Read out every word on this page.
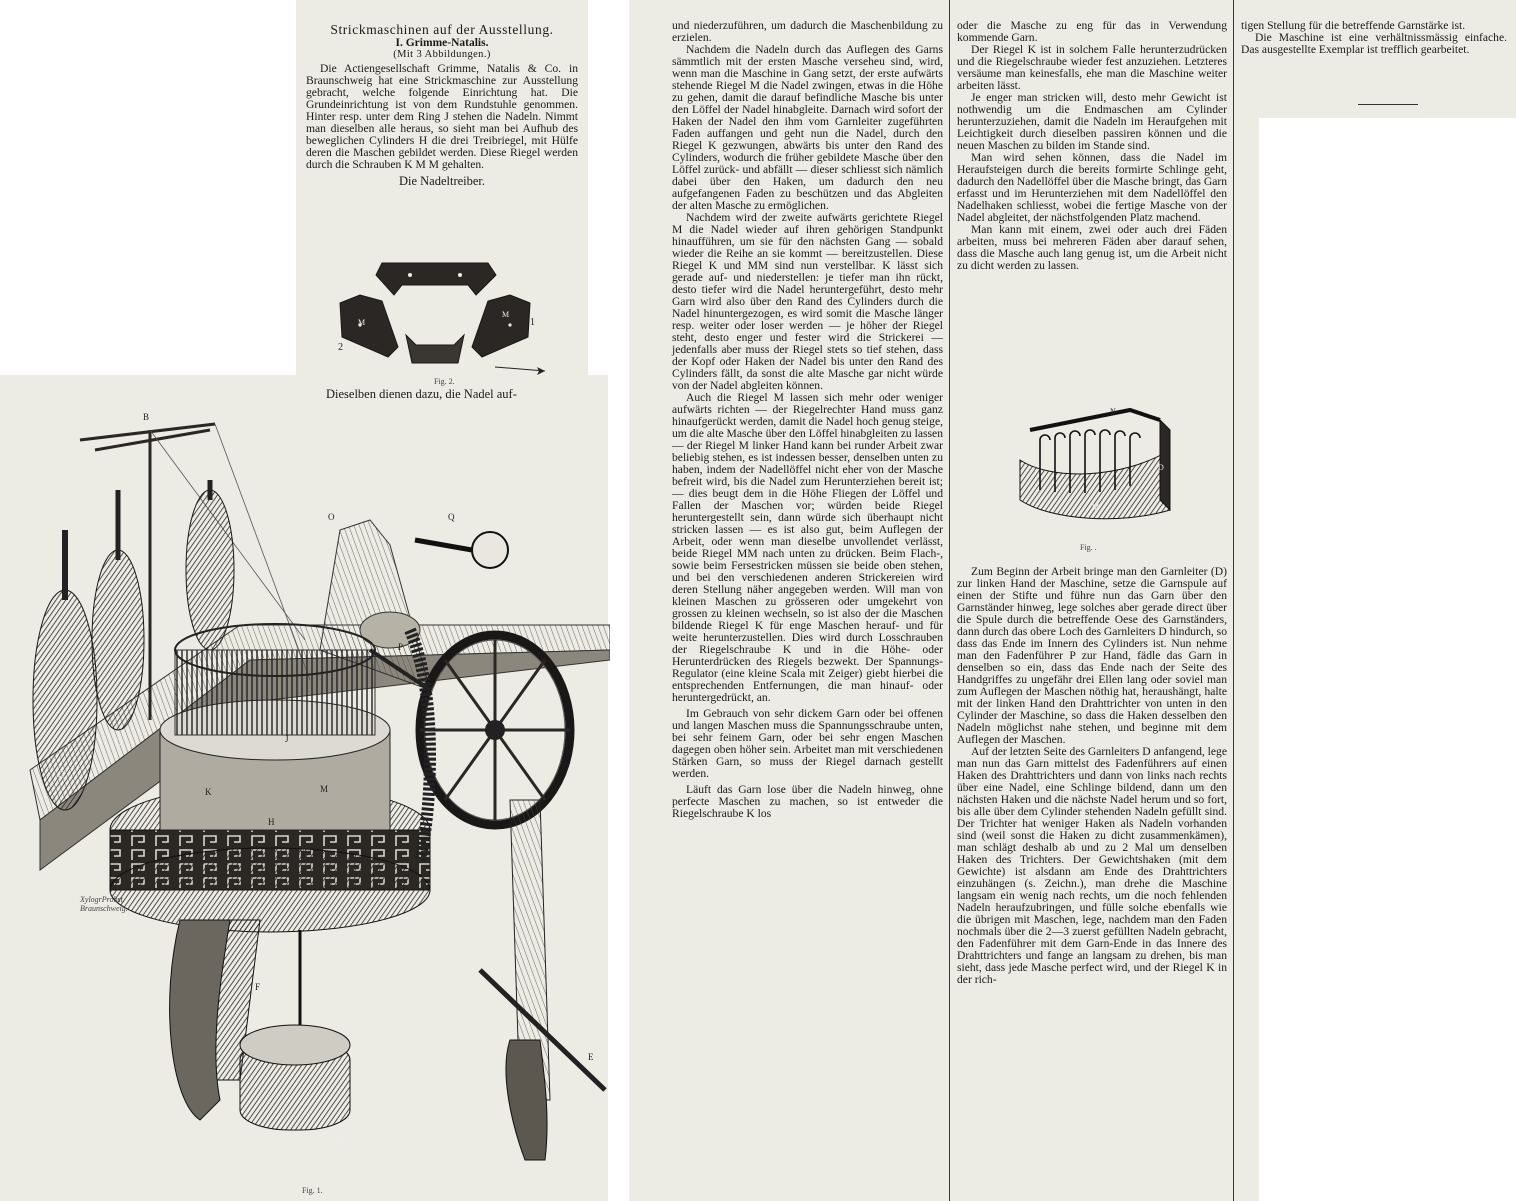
Strickmaschinen auf der Ausstellung.
I. Grimme-Natalis.
(Mit 3 Abbildungen.)

Die Actiengesellschaft Grimme, Natalis & Co. in Braunschweig hat eine Strickmaschine zur Ausstellung gebracht, welche folgende Einrichtung hat. Die Grundeinrichtung ist von dem Rundstuhle genommen. Hinter resp. unter dem Ring J stehen die Nadeln. Nimmt man dieselben alle heraus, so sieht man bei Aufhub des beweglichen Cylinders H die drei Treibriegel, mit Hülfe deren die Maschen gebildet werden. Diese Riegel werden durch die Schrauben K M M gehalten.

Die Nadeltreiber.

M
M
2
1
Fig. 2.
Dieselben dienen dazu, die Nadel auf-
B
O	Q
P
C
C
J
H
K	M
N
F
E
G
XylogrProbst. Braunschweig.
Fig. 1.

und niederzuführen, um dadurch die Maschenbildung zu erzielen.

Nachdem die Nadeln durch das Auflegen des Garns sämmtlich mit der ersten Masche verseheu sind, wird, wenn man die Maschine in Gang setzt, der erste aufwärts stehende Riegel M die Nadel zwingen, etwas in die Höhe zu gehen, damit die darauf befindliche Masche bis unter den Löffel der Nadel hinabgleite. Darnach wird sofort der Haken der Nadel den ihm vom Garnleiter zugeführten Faden auffangen und geht nun die Nadel, durch den Riegel K gezwungen, abwärts bis unter den Rand des Cylinders, wodurch die früher gebildete Masche über den Löffel zurück- und abfällt — dieser schliesst sich nämlich dabei über den Haken, um dadurch den neu aufgefangenen Faden zu beschützen und das Abgleiten der alten Masche zu ermöglichen.

Nachdem wird der zweite aufwärts gerichtete Riegel M die Nadel wieder auf ihren gehörigen Standpunkt hinaufführen, um sie für den nächsten Gang — sobald wieder die Reihe an sie kommt — bereitzustellen. Diese Riegel K und MM sind nun verstellbar. K lässt sich gerade auf- und niederstellen: je tiefer man ihn rückt, desto tiefer wird die Nadel heruntergeführt, desto mehr Garn wird also über den Rand des Cylinders durch die Nadel hinuntergezogen, es wird somit die Masche länger resp. weiter oder loser werden — je höher der Riegel steht, desto enger und fester wird die Strickerei — jedenfalls aber muss der Riegel stets so tief stehen, dass der Kopf oder Haken der Nadel bis unter den Rand des Cylinders fällt, da sonst die alte Masche gar nicht würde von der Nadel abgleiten können.

Auch die Riegel M lassen sich mehr oder weniger aufwärts richten — der Riegelrechter Hand muss ganz hinaufgerückt werden, damit die Nadel hoch genug steige, um die alte Masche über den Löffel hinabgleiten zu lassen — der Riegel M linker Hand kann bei runder Arbeit zwar beliebig stehen, es ist indessen besser, denselben unten zu haben, indem der Nadellöffel nicht eher von der Masche befreit wird, bis die Nadel zum Herunterziehen bereit ist; — dies beugt dem in die Höhe Fliegen der Löffel und Fallen der Maschen vor; würden beide Riegel heruntergestellt sein, dann würde sich überhaupt nicht stricken lassen — es ist also gut, beim Auflegen der Arbeit, oder wenn man dieselbe unvollendet verlässt, beide Riegel MM nach unten zu drücken. Beim Flach-, sowie beim Fersestricken müssen sie beide oben stehen, und bei den verschiedenen anderen Strickereien wird deren Stellung näher angegeben werden. Will man von kleinen Maschen zu grösseren oder umgekehrt von grossen zu kleinen wechseln, so ist also der die Maschen bildende Riegel K für enge Maschen herauf- und für weite herunterzustellen. Dies wird durch Losschrauben der Riegelschraube K und in die Höhe- oder Herunterdrücken des Riegels bezwekt. Der Spannungs-Regulator (eine kleine Scala mit Zeiger) giebt hierbei die entsprechenden Entfernungen, die man hinauf- oder heruntergedrückt, an.

Im Gebrauch von sehr dickem Garn oder bei offenen und langen Maschen muss die Spannungsschraube unten, bei sehr feinem Garn, oder bei sehr engen Maschen dagegen oben höher sein. Arbeitet man mit verschiedenen Stärken Garn, so muss der Riegel darnach gestellt werden.

Läuft das Garn lose über die Nadeln hinweg, ohne perfecte Maschen zu machen, so ist entweder die Riegelschraube K los

oder die Masche zu eng für das in Verwendung kommende Garn.

Der Riegel K ist in solchem Falle herunterzudrücken und die Riegelschraube wieder fest anzuziehen. Letzteres versäume man keinesfalls, ehe man die Maschine weiter arbeiten lässt.

Je enger man stricken will, desto mehr Gewicht ist nothwendig um die Endmaschen am Cylinder herunterzuziehen, damit die Nadeln im Heraufgehen mit Leichtigkeit durch dieselben passiren können und die neuen Maschen zu bilden im Stande sind.

Man wird sehen können, dass die Nadel im Heraufsteigen durch die bereits formirte Schlinge geht, dadurch den Nadellöffel über die Masche bringt, das Garn erfasst und im Herunterziehen mit dem Nadellöffel den Nadelhaken schliesst, wobei die fertige Masche von der Nadel abgleitet, der nächstfolgenden Platz machend.

Man kann mit einem, zwei oder auch drei Fäden arbeiten, muss bei mehreren Fäden aber darauf sehen, dass die Masche auch lang genug ist, um die Arbeit nicht zu dicht werden zu lassen.

N
D
M
Fig. .

Zum Beginn der Arbeit bringe man den Garnleiter (D) zur linken Hand der Maschine, setze die Garnspule auf einen der Stifte und führe nun das Garn über den Garnständer hinweg, lege solches aber gerade direct über die Spule durch die betreffende Oese des Garnständers, dann durch das obere Loch des Garnleiters D hindurch, so dass das Ende im Innern des Cylinders ist. Nun nehme man den Fadenführer P zur Hand, fädle das Garn in denselben so ein, dass das Ende nach der Seite des Handgriffes zu ungefähr drei Ellen lang oder soviel man zum Auflegen der Maschen nöthig hat, heraushängt, halte mit der linken Hand den Drahttrichter von unten in den Cylinder der Maschine, so dass die Haken desselben den Nadeln möglichst nahe stehen, und beginne mit dem Auflegen der Maschen.

Auf der letzten Seite des Garnleiters D anfangend, lege man nun das Garn mittelst des Fadenführers auf einen Haken des Drahttrichters und dann von links nach rechts über eine Nadel, eine Schlinge bildend, dann um den nächsten Haken und die nächste Nadel herum und so fort, bis alle über dem Cylinder stehenden Nadeln gefüllt sind. Der Trichter hat weniger Haken als Nadeln vorhanden sind (weil sonst die Haken zu dicht zusammenkämen), man schlägt deshalb ab und zu 2 Mal um denselben Haken des Trichters. Der Gewichtshaken (mit dem Gewichte) ist alsdann am Ende des Drahttrichters einzuhängen (s. Zeichn.), man drehe die Maschine langsam ein wenig nach rechts, um die noch fehlenden Nadeln heraufzubringen, und fülle solche ebenfalls wie die übrigen mit Maschen, lege, nachdem man den Faden nochmals über die 2—3 zuerst gefüllten Nadeln gebracht, den Fadenführer mit dem Garn-Ende in das Innere des Drahttrichters und fange an langsam zu drehen, bis man sieht, dass jede Masche perfect wird, und der Riegel K in der rich-

tigen Stellung für die betreffende Garnstärke ist.

Die Maschine ist eine verhältnissmässig einfache. Das ausgestellte Exemplar ist trefflich gearbeitet.
